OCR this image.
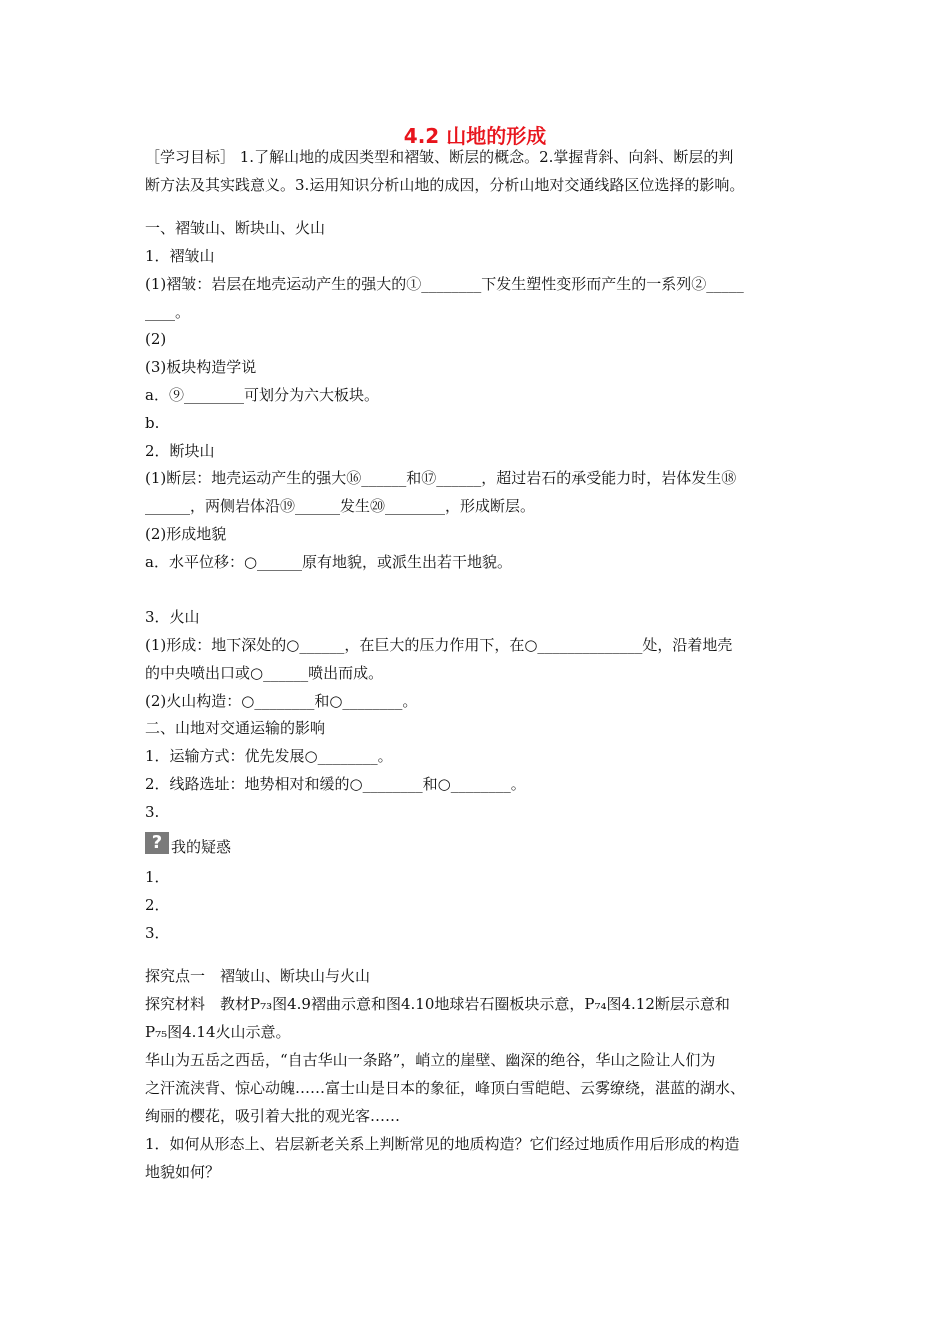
4.2 山地的形成
［学习目标］ 1.了解山地的成因类型和褶皱、断层的概念。2.掌握背斜、向斜、断层的判
断方法及其实践意义。3.运用知识分析山地的成因，分析山地对交通线路区位选择的影响。
一、褶皱山、断块山、火山
1．褶皱山
(1)褶皱：岩层在地壳运动产生的强大的①________下发生塑性变形而产生的一系列②_____
____。
(2)
(3)板块构造学说
a．⑨________可划分为六大板块。
b.
2．断块山
(1)断层：地壳运动产生的强大⑯______和⑰______，超过岩石的承受能力时，岩体发生⑱
______，两侧岩体沿⑲______发生⑳________，形成断层。
(2)形成地貌
a．水平位移：○______原有地貌，或派生出若干地貌。
3．火山
(1)形成：地下深处的○______，在巨大的压力作用下，在○______________处，沿着地壳
的中央喷出口或○______喷出而成。
(2)火山构造：○________和○________。
二、山地对交通运输的影响
1．运输方式：优先发展○________。
2．线路选址：地势相对和缓的○________和○________。
3.
? 我的疑惑
1．
2．
3．
探究点一　褶皱山、断块山与火山
探究材料　教材P₇₃图4.9褶曲示意和图4.10地球岩石圈板块示意，P₇₄图4.12断层示意和
P₇₅图4.14火山示意。
华山为五岳之西岳，“自古华山一条路”，峭立的崖壁、幽深的绝谷，华山之险让人们为
之汗流浃背、惊心动魄……富士山是日本的象征，峰顶白雪皑皑、云雾缭绕，湛蓝的湖水、
绚丽的樱花，吸引着大批的观光客……
1．如何从形态上、岩层新老关系上判断常见的地质构造？它们经过地质作用后形成的构造
地貌如何？
